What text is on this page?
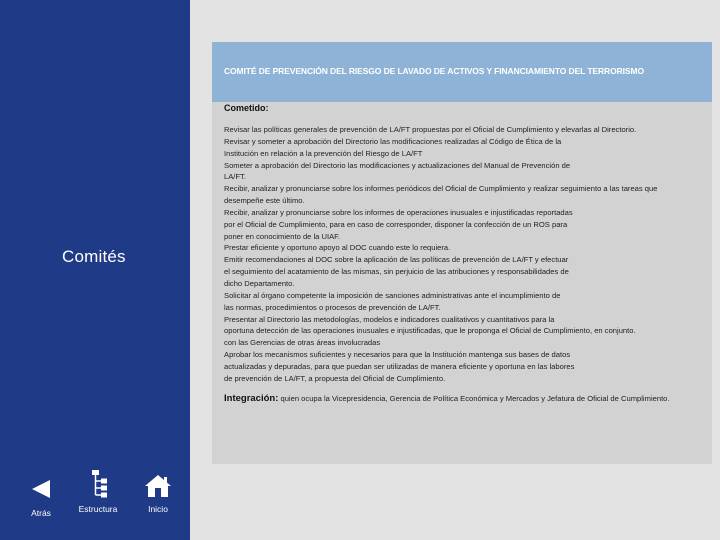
Comités
Atrás	Estructura	Inicio
COMITÉ DE PREVENCIÓN DEL RIESGO DE LAVADO DE ACTIVOS Y FINANCIAMIENTO DEL TERRORISMO
Cometido:
Revisar las políticas generales de prevención de LA/FT propuestas por el Oficial de Cumplimiento y elevarlas al Directorio.
Revisar y someter a aprobación del Directorio las modificaciones realizadas al Código de Ética de la
Institución en relación a la prevención del Riesgo de LA/FT
Someter a aprobación del Directorio las modificaciones y actualizaciones del Manual de Prevención de
LA/FT.
Recibir, analizar y pronunciarse sobre los informes periódicos del Oficial de Cumplimiento y realizar seguimiento a las tareas que
desempeñe este último.
Recibir, analizar y pronunciarse sobre los informes de operaciones inusuales e injustificadas reportadas
por el Oficial de Cumplimiento, para en caso de corresponder, disponer la confección de un ROS para
poner en conocimiento de la UIAF.
Prestar eficiente y oportuno apoyo al DOC cuando este lo requiera.
Emitir recomendaciones al DOC sobre la aplicación de las políticas de prevención de LA/FT y efectuar
el seguimiento del acatamiento de las mismas, sin perjuicio de las atribuciones y responsabilidades de
dicho Departamento.
Solicitar al órgano competente la imposición de sanciones administrativas ante el incumplimiento de
las normas, procedimientos o procesos de prevención de LA/FT.
Presentar al Directorio las metodologías, modelos e indicadores cualitativos y cuantitativos para la
oportuna detección de las operaciones inusuales e injustificadas, que le proponga el Oficial de Cumplimiento, en conjunto.
con las Gerencias de otras áreas involucradas
Aprobar los mecanismos suficientes y necesarios para que la Institución mantenga sus bases de datos
actualizadas y depuradas, para que puedan ser utilizadas de manera eficiente y oportuna en las labores
de prevención de LA/FT, a propuesta del Oficial de Cumplimiento.
Integración: quien ocupa la Vicepresidencia, Gerencia de Política Económica y Mercados y Jefatura de Oficial de Cumplimiento.
